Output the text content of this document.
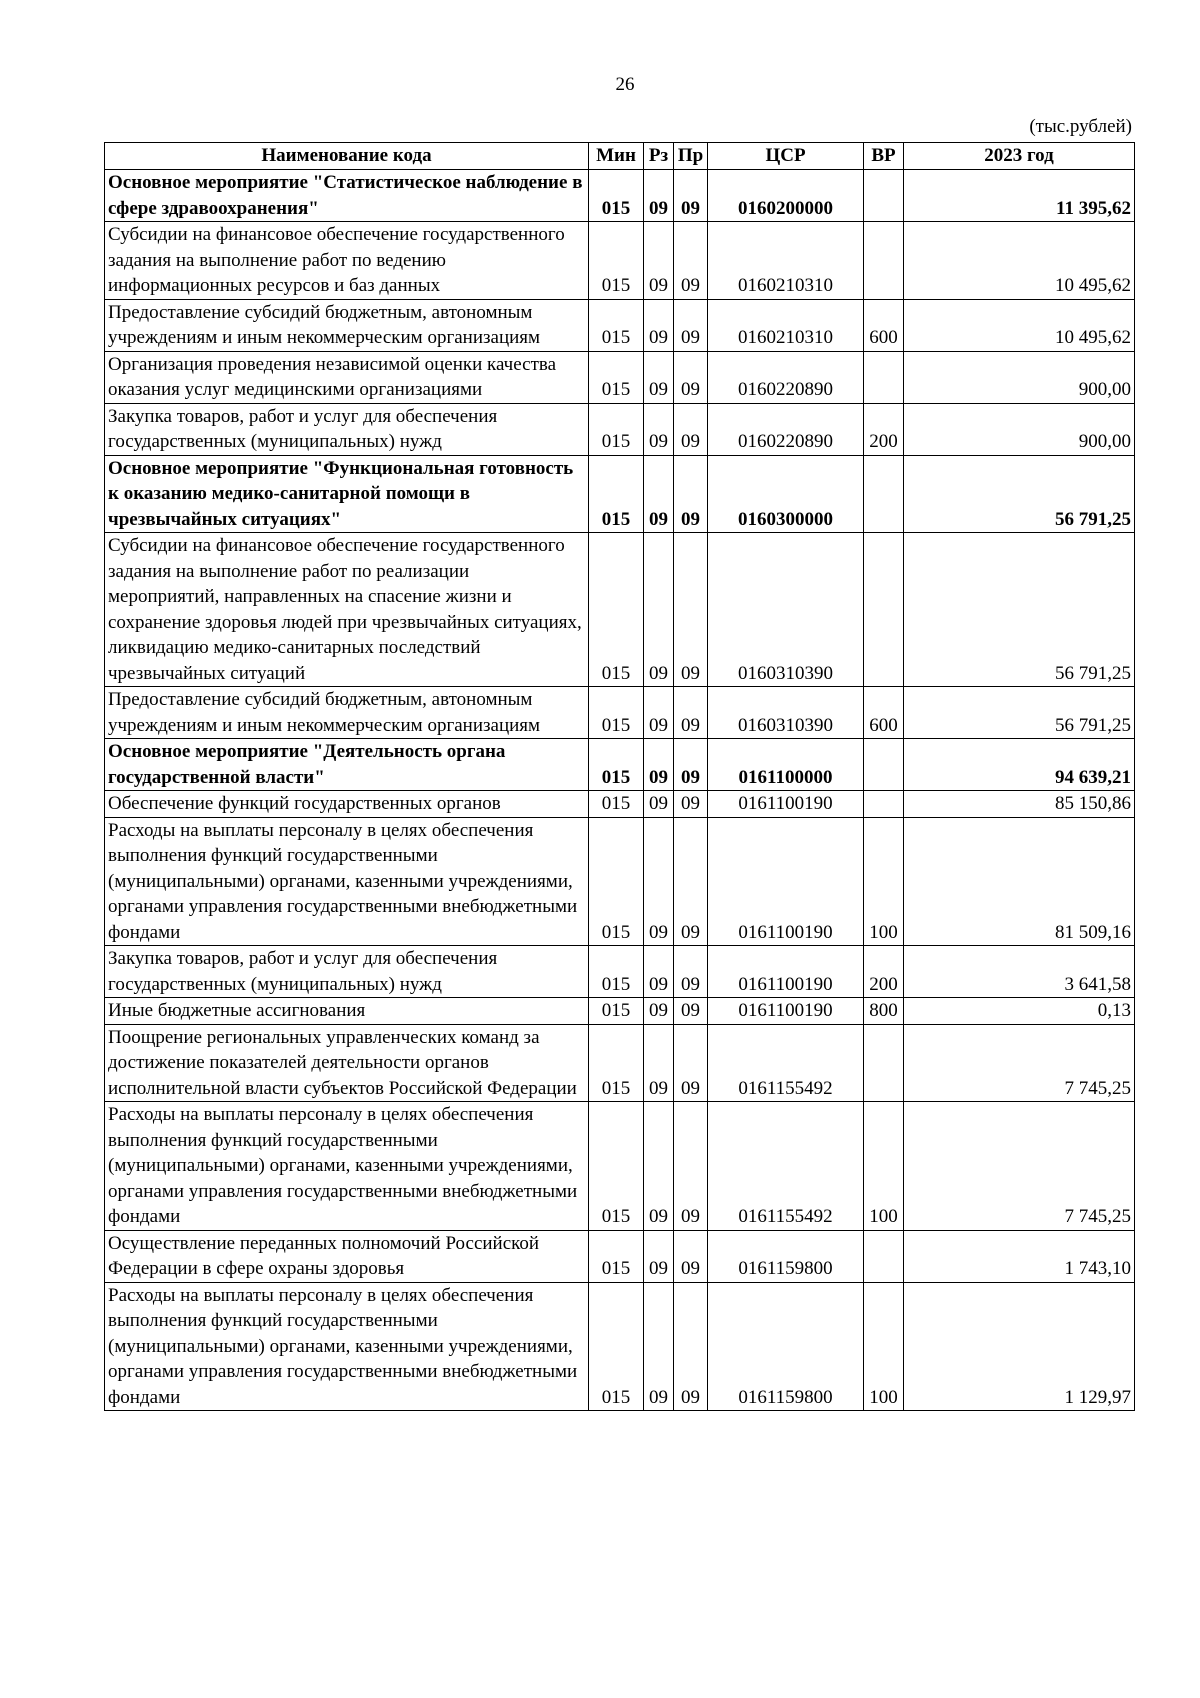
26
(тыс.рублей)
Наименование кода	Мин	Рз	Пр	ЦСР	ВР	2023 год
Основное мероприятие "Статистическое наблюдение в сфере здравоохранения"	015	09	09	0160200000		11 395,62
Субсидии на финансовое обеспечение государственного задания на выполнение работ по ведению информационных ресурсов и баз данных	015	09	09	0160210310		10 495,62
Предоставление субсидий бюджетным, автономным учреждениям и иным некоммерческим организациям	015	09	09	0160210310	600	10 495,62
Организация проведения независимой оценки качества оказания услуг медицинскими организациями	015	09	09	0160220890		900,00
Закупка товаров, работ и услуг для обеспечения государственных (муниципальных) нужд	015	09	09	0160220890	200	900,00
Основное мероприятие "Функциональная готовность к оказанию медико-санитарной помощи в чрезвычайных ситуациях"	015	09	09	0160300000		56 791,25
Субсидии на финансовое обеспечение государственного задания на выполнение работ по реализации мероприятий, направленных на спасение жизни и сохранение здоровья людей при чрезвычайных ситуациях, ликвидацию медико-санитарных последствий чрезвычайных ситуаций	015	09	09	0160310390		56 791,25
Предоставление субсидий бюджетным, автономным учреждениям и иным некоммерческим организациям	015	09	09	0160310390	600	56 791,25
Основное мероприятие "Деятельность органа государственной власти"	015	09	09	0161100000		94 639,21
Обеспечение функций государственных органов	015	09	09	0161100190		85 150,86
Расходы на выплаты персоналу в целях обеспечения выполнения функций государственными (муниципальными) органами, казенными учреждениями, органами управления государственными внебюджетными фондами	015	09	09	0161100190	100	81 509,16
Закупка товаров, работ и услуг для обеспечения государственных (муниципальных) нужд	015	09	09	0161100190	200	3 641,58
Иные бюджетные ассигнования	015	09	09	0161100190	800	0,13
Поощрение региональных управленческих команд за достижение показателей деятельности органов исполнительной власти субъектов Российской Федерации	015	09	09	0161155492		7 745,25
Расходы на выплаты персоналу в целях обеспечения выполнения функций государственными (муниципальными) органами, казенными учреждениями, органами управления государственными внебюджетными фондами	015	09	09	0161155492	100	7 745,25
Осуществление переданных полномочий Российской Федерации в сфере охраны здоровья	015	09	09	0161159800		1 743,10
Расходы на выплаты персоналу в целях обеспечения выполнения функций государственными (муниципальными) органами, казенными учреждениями, органами управления государственными внебюджетными фондами	015	09	09	0161159800	100	1 129,97
